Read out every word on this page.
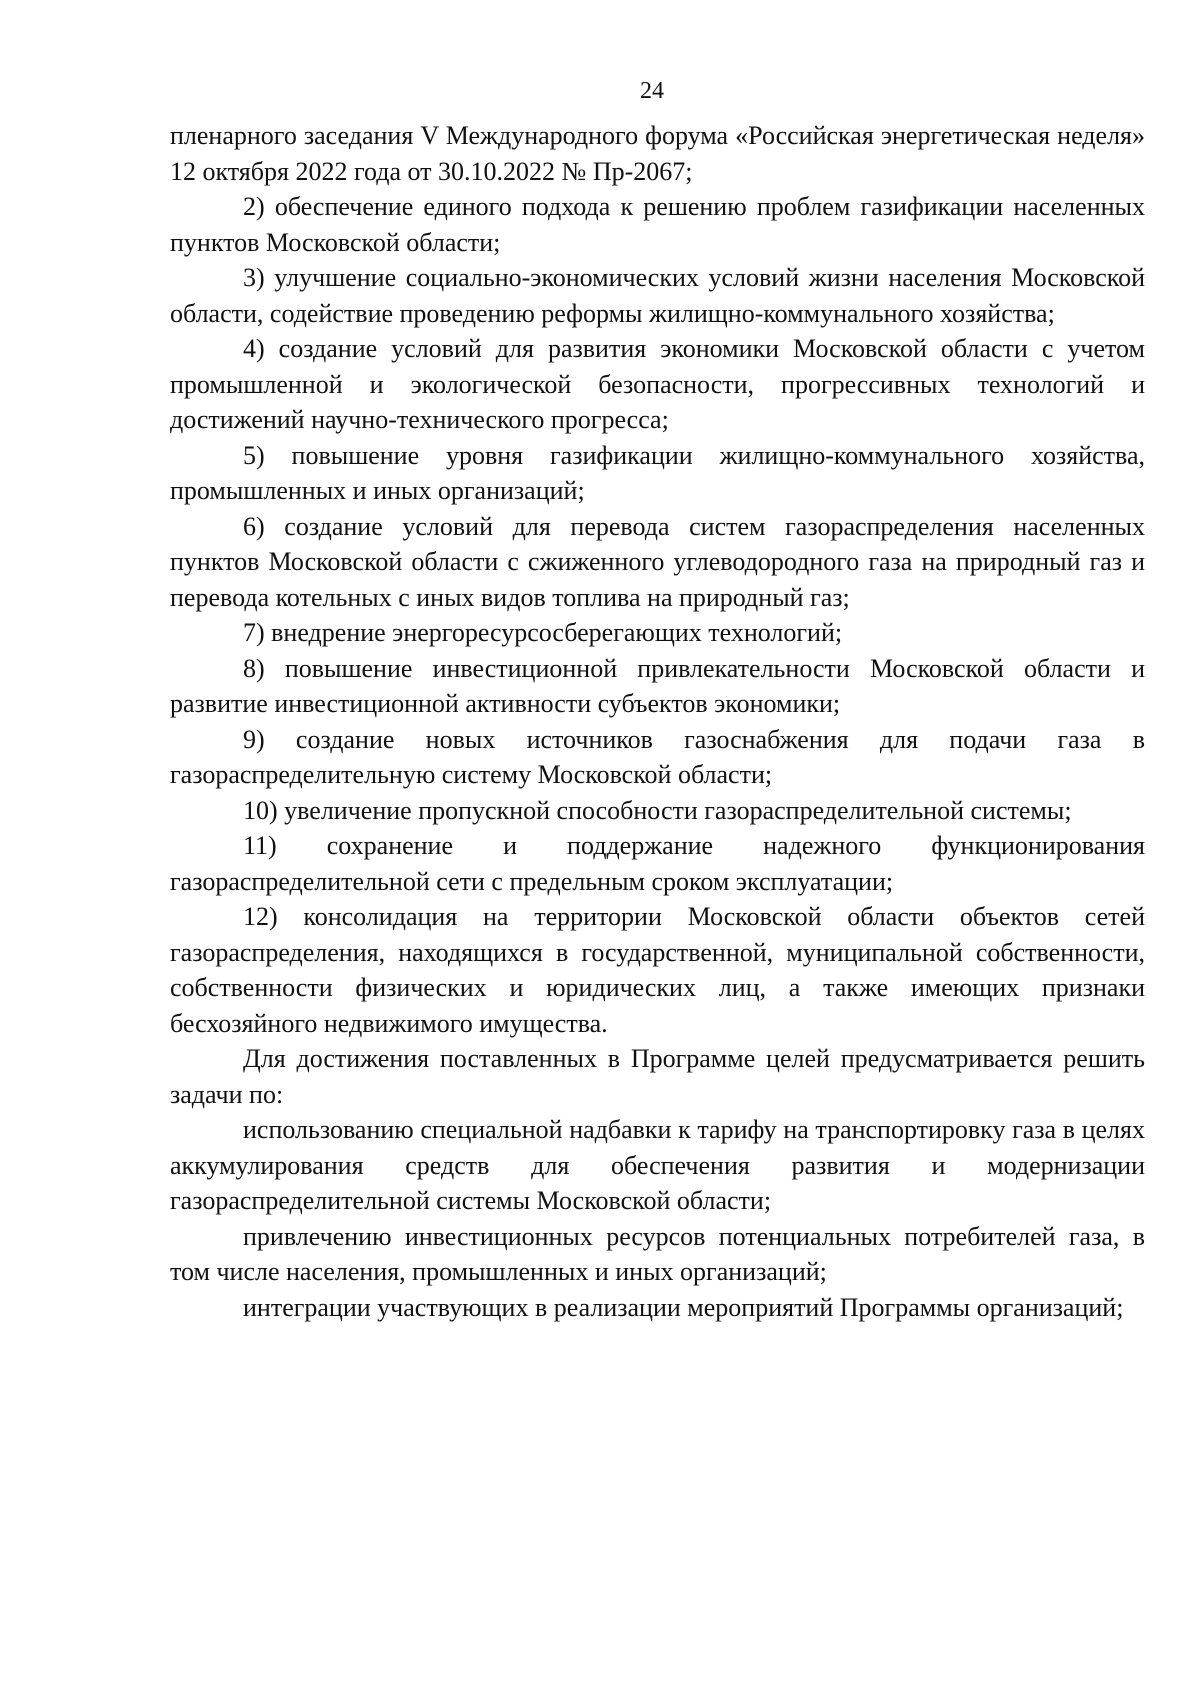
24

пленарного заседания V Международного форума «Российская энергетическая неделя» 12 октября 2022 года от 30.10.2022 № Пр-2067;

2) обеспечение единого подхода к решению проблем газификации населенных пунктов Московской области;

3) улучшение социально-экономических условий жизни населения Московской области, содействие проведению реформы жилищно-коммунального хозяйства;

4) создание условий для развития экономики Московской области с учетом промышленной и экологической безопасности, прогрессивных технологий и достижений научно-технического прогресса;

5) повышение уровня газификации жилищно-коммунального хозяйства, промышленных и иных организаций;

6) создание условий для перевода систем газораспределения населенных пунктов Московской области с сжиженного углеводородного газа на природный газ и перевода котельных с иных видов топлива на природный газ;

7) внедрение энергоресурсосберегающих технологий;

8) повышение инвестиционной привлекательности Московской области и развитие инвестиционной активности субъектов экономики;

9) создание новых источников газоснабжения для подачи газа в газораспределительную систему Московской области;

10) увеличение пропускной способности газораспределительной системы;

11) сохранение и поддержание надежного функционирования газораспределительной сети с предельным сроком эксплуатации;

12) консолидация на территории Московской области объектов сетей газораспределения, находящихся в государственной, муниципальной собственности, собственности физических и юридических лиц, а также имеющих признаки бесхозяйного недвижимого имущества.

Для достижения поставленных в Программе целей предусматривается решить задачи по:

использованию специальной надбавки к тарифу на транспортировку газа в целях аккумулирования средств для обеспечения развития и модернизации газораспределительной системы Московской области;

привлечению инвестиционных ресурсов потенциальных потребителей газа, в том числе населения, промышленных и иных организаций;

интеграции участвующих в реализации мероприятий Программы организаций;
